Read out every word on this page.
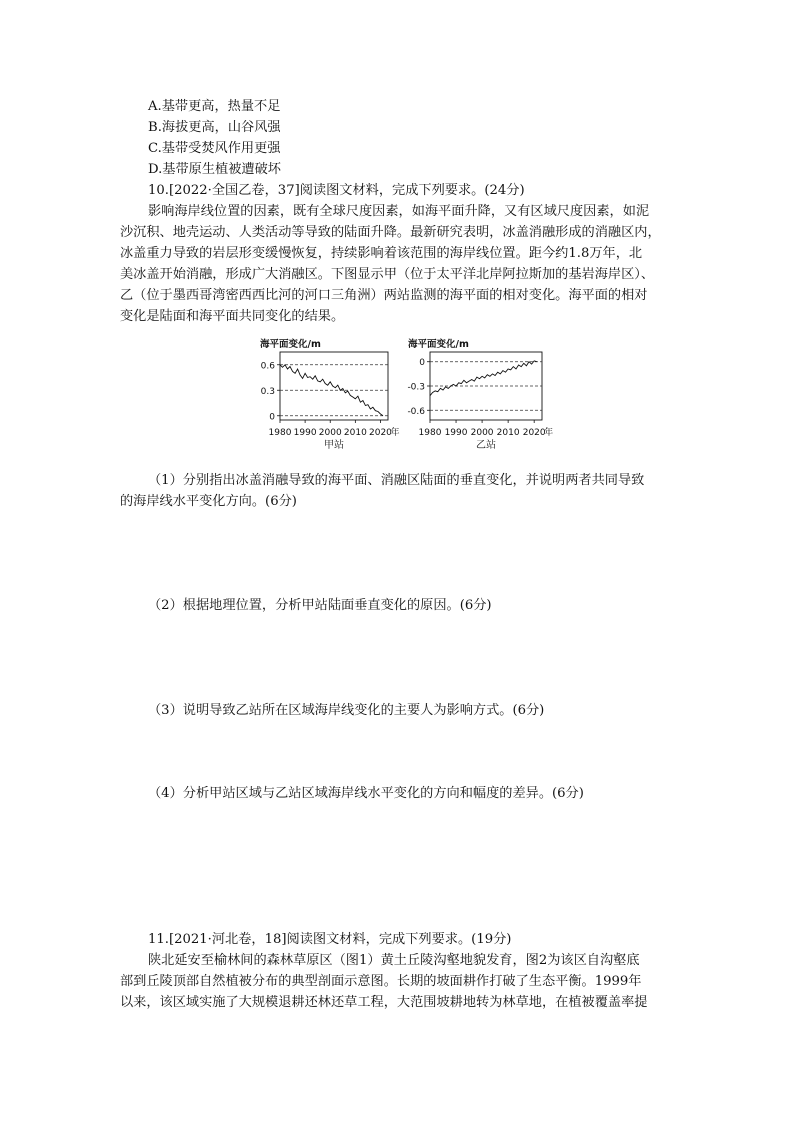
A.基带更高，热量不足
B.海拔更高，山谷风强
C.基带受焚风作用更强
D.基带原生植被遭破坏
10.[2022·全国乙卷，37]阅读图文材料，完成下列要求。(24分)
影响海岸线位置的因素，既有全球尺度因素，如海平面升降，又有区域尺度因素，如泥
沙沉积、地壳运动、人类活动等导致的陆面升降。最新研究表明，冰盖消融形成的消融区内，
冰盖重力导致的岩层形变缓慢恢复，持续影响着该范围的海岸线位置。距今约1.8万年，北
美冰盖开始消融，形成广大消融区。下图显示甲（位于太平洋北岸阿拉斯加的基岩海岸区）、
乙（位于墨西哥湾密西西比河的河口三角洲）两站监测的海平面的相对变化。海平面的相对
变化是陆面和海平面共同变化的结果。
海平面变化/m
0.6
0.3
0
1980 1990 2000 2010 2020
年
甲站
海平面变化/m
0
-0.3
-0.6
1980 1990 2000 2010 2020
年
乙站
（1）分别指出冰盖消融导致的海平面、消融区陆面的垂直变化，并说明两者共同导致
的海岸线水平变化方向。(6分)
（2）根据地理位置，分析甲站陆面垂直变化的原因。(6分)
（3）说明导致乙站所在区域海岸线变化的主要人为影响方式。(6分)
（4）分析甲站区域与乙站区域海岸线水平变化的方向和幅度的差异。(6分)
11.[2021·河北卷，18]阅读图文材料，完成下列要求。(19分)
陕北延安至榆林间的森林草原区（图1）黄土丘陵沟壑地貌发育，图2为该区自沟壑底
部到丘陵顶部自然植被分布的典型剖面示意图。长期的坡面耕作打破了生态平衡。1999年
以来，该区域实施了大规模退耕还林还草工程，大范围坡耕地转为林草地，在植被覆盖率提
